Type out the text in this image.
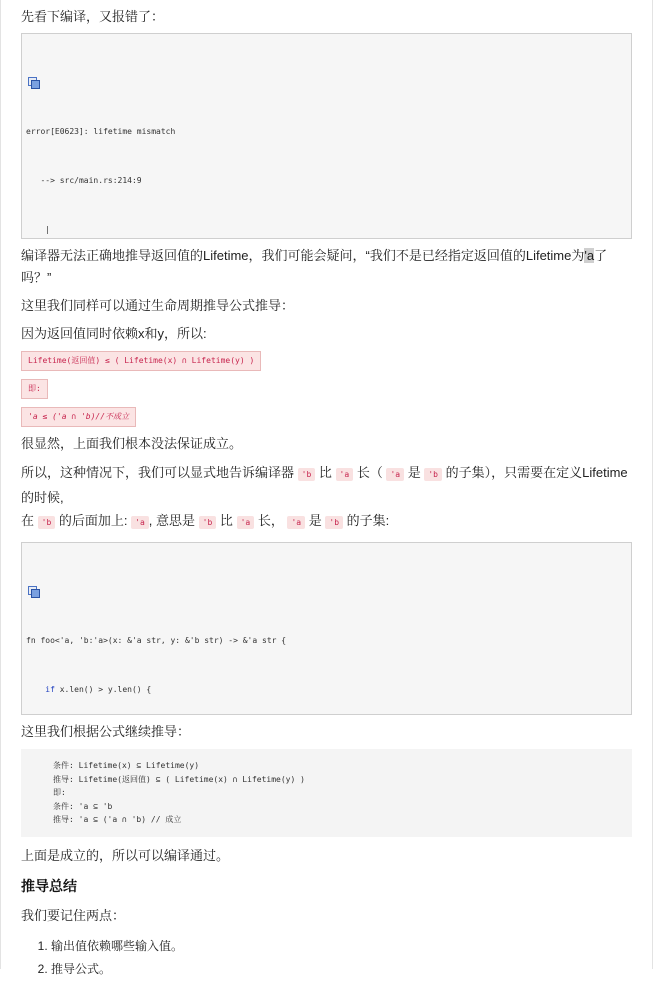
先看下编译，又报错了：

error[E0623]: lifetime mismatch

--> src/main.rs:214:9

|

编译器无法正确地推导返回值的Lifetime，我们可能会疑问，“我们不是已经指定返回值的Lifetime为'a了吗？”

这里我们同样可以通过生命周期推导公式推导：

因为返回值同时依赖x和y，所以:

Lifetime(返回值) ≤ ( Lifetime(x) ∩ Lifetime(y) )
即:
'a ≤ ('a ∩ 'b)//不成立

很显然，上面我们根本没法保证成立。

所以，这种情况下，我们可以显式地告诉编译器 'b 比 'a 长（ 'a 是 'b 的子集），只需要在定义Lifetime的时候,
在 'b 的后面加上: 'a , 意思是 'b 比 'a 长， 'a 是 'b 的子集:

fn foo<'a, 'b:'a>(x: &'a str, y: &'b str) -> &'a str {

if x.len() > y.len() {

这里我们根据公式继续推导：

条件: Lifetime(x) ⊆ Lifetime(y)
推导: Lifetime(返回值) ⊆ ( Lifetime(x) ∩ Lifetime(y) )
即:
条件: 'a ⊆ 'b
推导: 'a ⊆ ('a ∩ 'b) // 成立

上面是成立的，所以可以编译通过。

推导总结

我们要记住两点：

1. 输出值依赖哪些输入值。
2. 推导公式。
